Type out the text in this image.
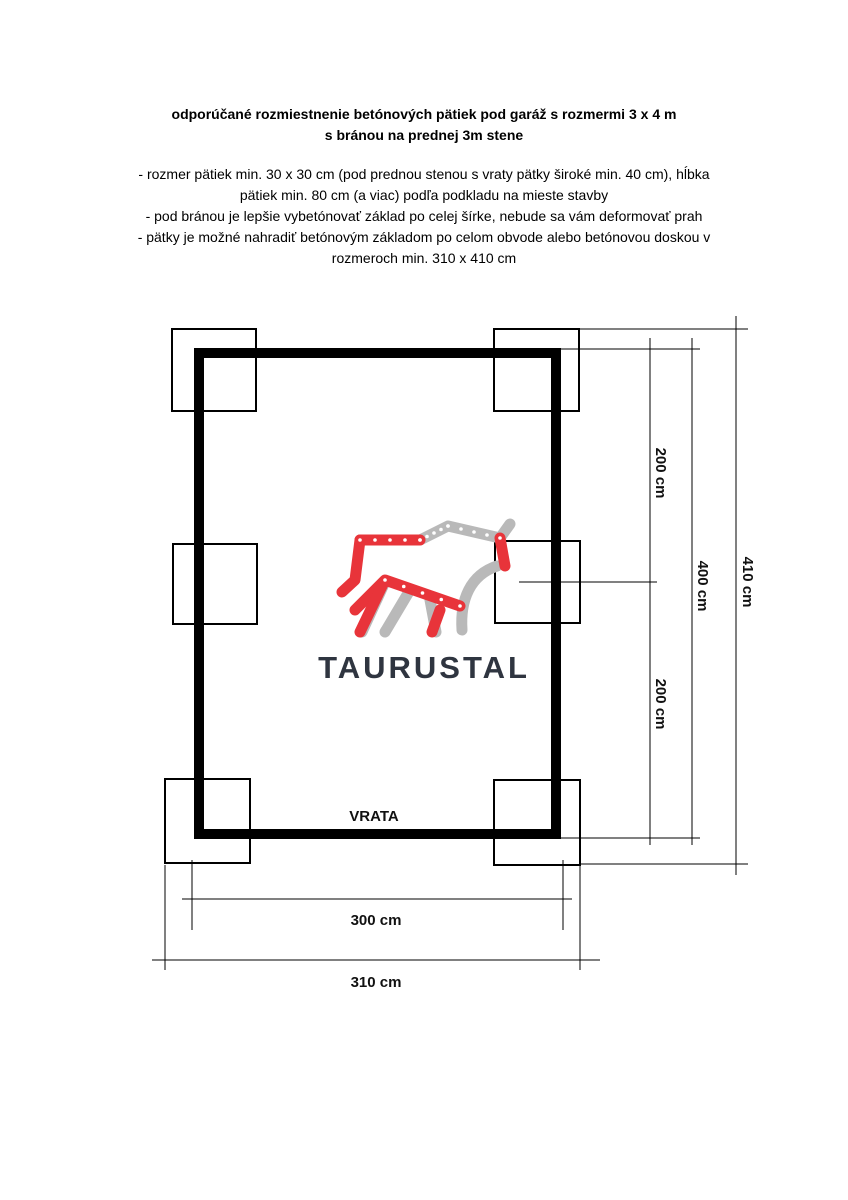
odporúčané rozmiestnenie betónových pätiek pod garáž s rozmermi 3 x 4 m
s bránou na prednej 3m stene
- rozmer pätiek min. 30 x 30 cm (pod prednou stenou s vraty pätky široké min. 40 cm), hĺbka
pätiek min. 80 cm (a viac) podľa podkladu na mieste stavby
- pod bránou je lepšie vybetónovať základ po celej šírke, nebude sa vám deformovať prah
- pätky je možné nahradiť betónovým základom po celom obvode alebo betónovou doskou v
rozmeroch min. 310 x 410 cm
TAURUSTAL
VRATA
300 cm
310 cm
200 cm
200 cm
400 cm 410 cm
